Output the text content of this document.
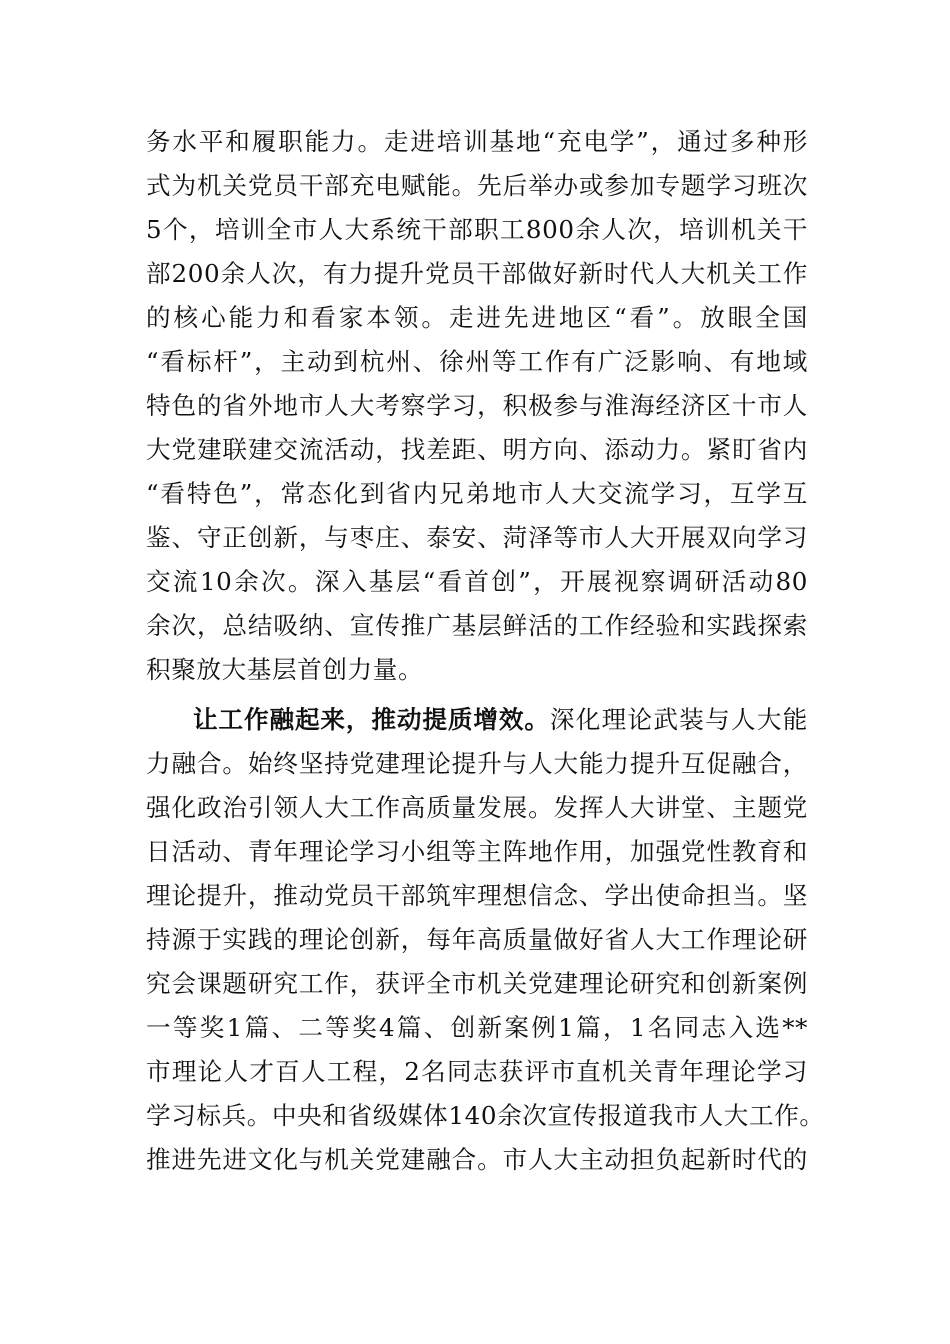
务水平和履职能力。走进培训基地“充电学”，通过多种形
式为机关党员干部充电赋能。先后举办或参加专题学习班次
5个，培训全市人大系统干部职工800余人次，培训机关干
部200余人次，有力提升党员干部做好新时代人大机关工作
的核心能力和看家本领。走进先进地区“看”。放眼全国
“看标杆”，主动到杭州、徐州等工作有广泛影响、有地域
特色的省外地市人大考察学习，积极参与淮海经济区十市人
大党建联建交流活动，找差距、明方向、添动力。紧盯省内
“看特色”，常态化到省内兄弟地市人大交流学习，互学互
鉴、守正创新，与枣庄、泰安、菏泽等市人大开展双向学习
交流10余次。深入基层“看首创”，开展视察调研活动80
余次，总结吸纳、宣传推广基层鲜活的工作经验和实践探索
积聚放大基层首创力量。
让工作融起来，推动提质增效。深化理论武装与人大能
力融合。始终坚持党建理论提升与人大能力提升互促融合，
强化政治引领人大工作高质量发展。发挥人大讲堂、主题党
日活动、青年理论学习小组等主阵地作用，加强党性教育和
理论提升，推动党员干部筑牢理想信念、学出使命担当。坚
持源于实践的理论创新，每年高质量做好省人大工作理论研
究会课题研究工作，获评全市机关党建理论研究和创新案例
一等奖1篇、二等奖4篇、创新案例1篇，1名同志入选**
市理论人才百人工程，2名同志获评市直机关青年理论学习
学习标兵。中央和省级媒体140余次宣传报道我市人大工作。
推进先进文化与机关党建融合。市人大主动担负起新时代的
